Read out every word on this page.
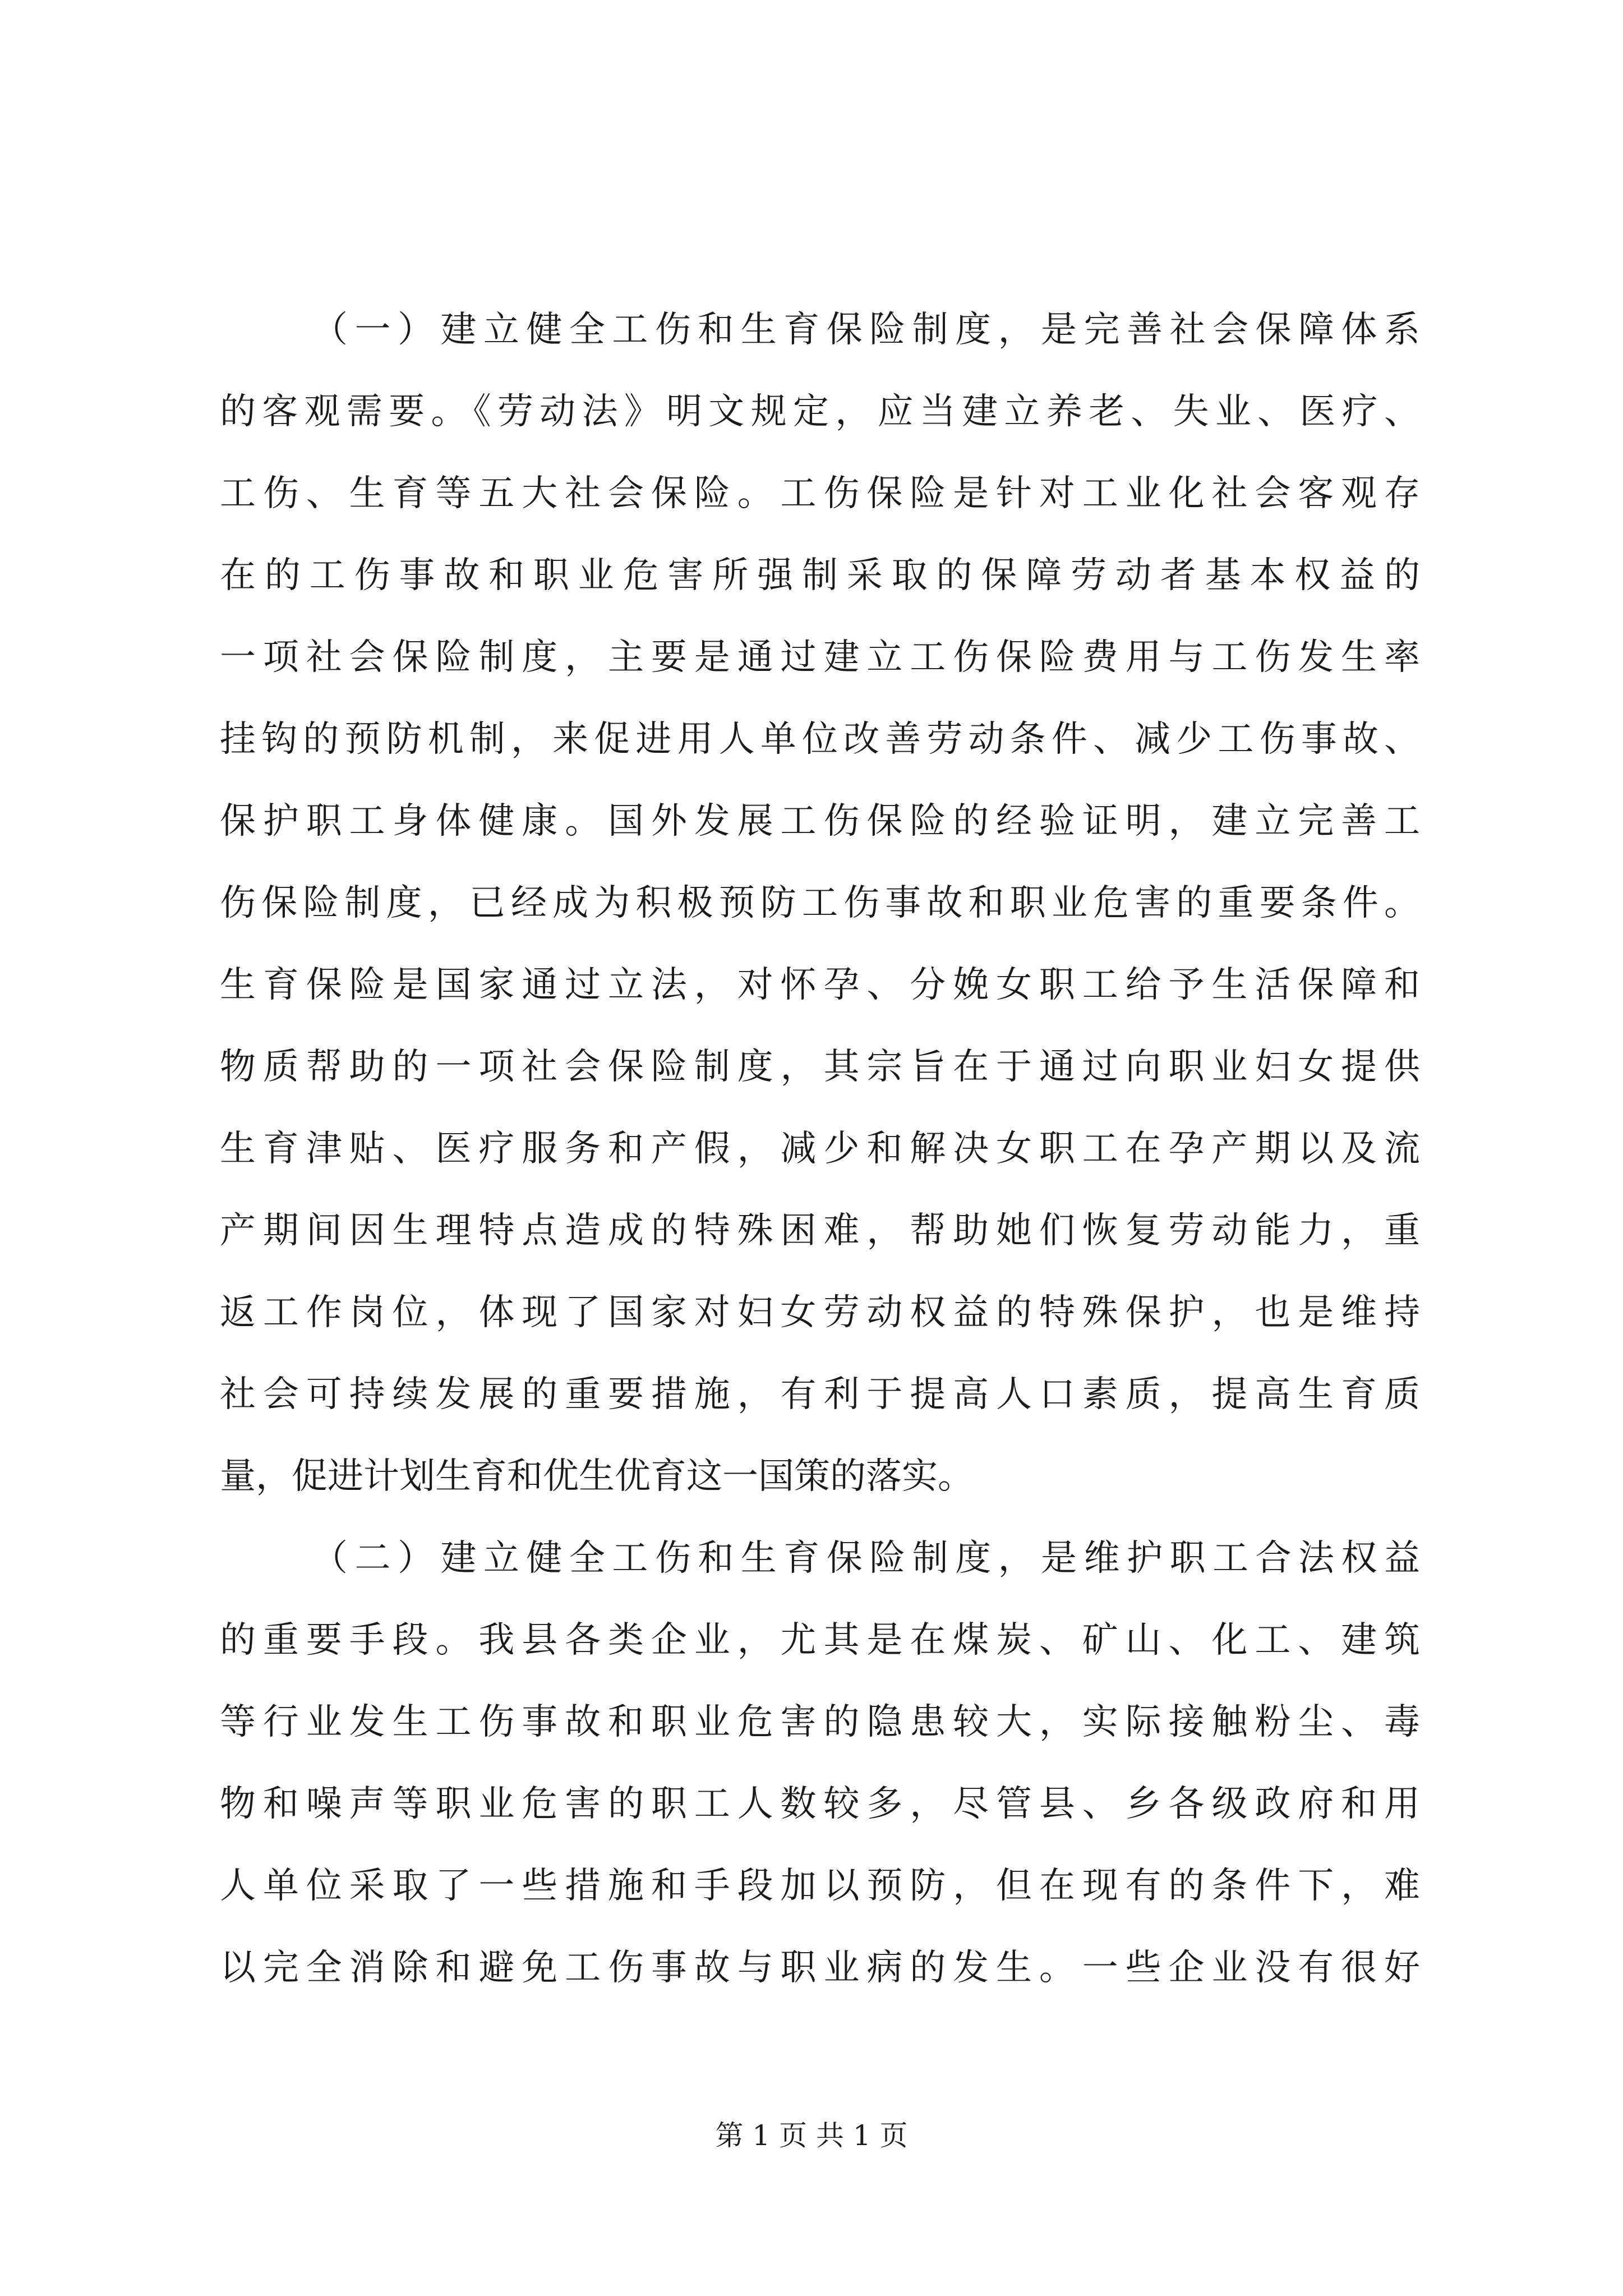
（一）建立健全工伤和生育保险制度，是完善社会保障体系
的客观需要。《劳动法》明文规定，应当建立养老、失业、医疗、
工伤、生育等五大社会保险。工伤保险是针对工业化社会客观存
在的工伤事故和职业危害所强制采取的保障劳动者基本权益的
一项社会保险制度，主要是通过建立工伤保险费用与工伤发生率
挂钩的预防机制，来促进用人单位改善劳动条件、减少工伤事故、
保护职工身体健康。国外发展工伤保险的经验证明，建立完善工
伤保险制度，已经成为积极预防工伤事故和职业危害的重要条件。
生育保险是国家通过立法，对怀孕、分娩女职工给予生活保障和
物质帮助的一项社会保险制度，其宗旨在于通过向职业妇女提供
生育津贴、医疗服务和产假，减少和解决女职工在孕产期以及流
产期间因生理特点造成的特殊困难，帮助她们恢复劳动能力，重
返工作岗位，体现了国家对妇女劳动权益的特殊保护，也是维持
社会可持续发展的重要措施，有利于提高人口素质，提高生育质
量，促进计划生育和优生优育这一国策的落实。
（二）建立健全工伤和生育保险制度，是维护职工合法权益
的重要手段。我县各类企业，尤其是在煤炭、矿山、化工、建筑
等行业发生工伤事故和职业危害的隐患较大，实际接触粉尘、毒
物和噪声等职业危害的职工人数较多，尽管县、乡各级政府和用
人单位采取了一些措施和手段加以预防，但在现有的条件下，难
以完全消除和避免工伤事故与职业病的发生。一些企业没有很好
第 1 页 共 1 页
